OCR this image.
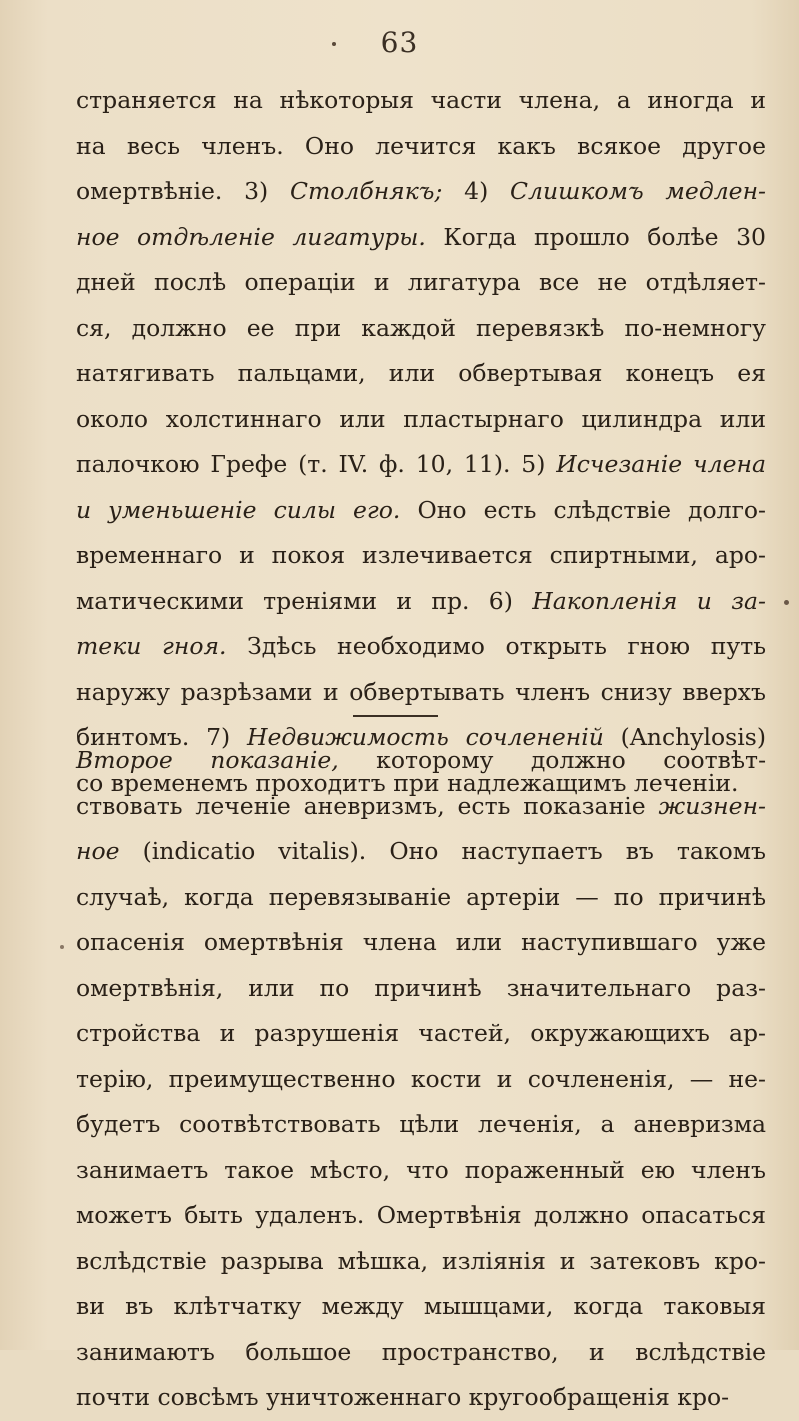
63
страняется на нѣкоторыя части члена, а иногда и
на весь членъ. Оно лечится какъ всякое другое
омертвѣніе. 3) Столбнякъ; 4) Слишкомъ медлен-
ное отдѣленіе лигатуры. Когда прошло болѣе 30
дней послѣ операціи и лигатура все не отдѣляет-
ся, должно ее при каждой перевязкѣ по-немногу
натягивать пальцами, или обвертывая конецъ ея
около холстиннаго или пластырнаго цилиндра или
палочкою Грефе (т. IV. ф. 10, 11). 5) Исчезаніе члена
и уменьшеніе силы его. Оно есть слѣдствіе долго-
временнаго и покоя излечивается спиртными, аро-
матическими треніями и пр. 6) Накопленія и за-
теки гноя. Здѣсь необходимо открыть гною путь
наружу разрѣзами и обвертывать членъ снизу вверхъ
бинтомъ. 7) Недвижимость сочлененій (Anchylosis)
со временемъ проходитъ при надлежащимъ леченіи.
Второе показаніе, которому должно соотвѣт-
ствовать леченіе аневризмъ, есть показаніе жизнен-
ное (indicatio vitalis). Оно наступаетъ въ такомъ
случаѣ, когда перевязываніе артеріи — по причинѣ
опасенія омертвѣнія члена или наступившаго уже
омертвѣнія, или по причинѣ значительнаго раз-
стройства и разрушенія частей, окружающихъ ар-
терію, преимущественно кости и сочлененія, — не-
будетъ соотвѣтствовать цѣли леченія, а аневризма
занимаетъ такое мѣсто, что пораженный ею членъ
можетъ быть удаленъ. Омертвѣнія должно опасаться
вслѣдствіе разрыва мѣшка, изліянія и затековъ кро-
ви въ клѣтчатку между мышцами, когда таковыя
занимаютъ большое пространство, и вслѣдствіе
почти совсѣмъ уничтоженнаго кругообращенія кро-
